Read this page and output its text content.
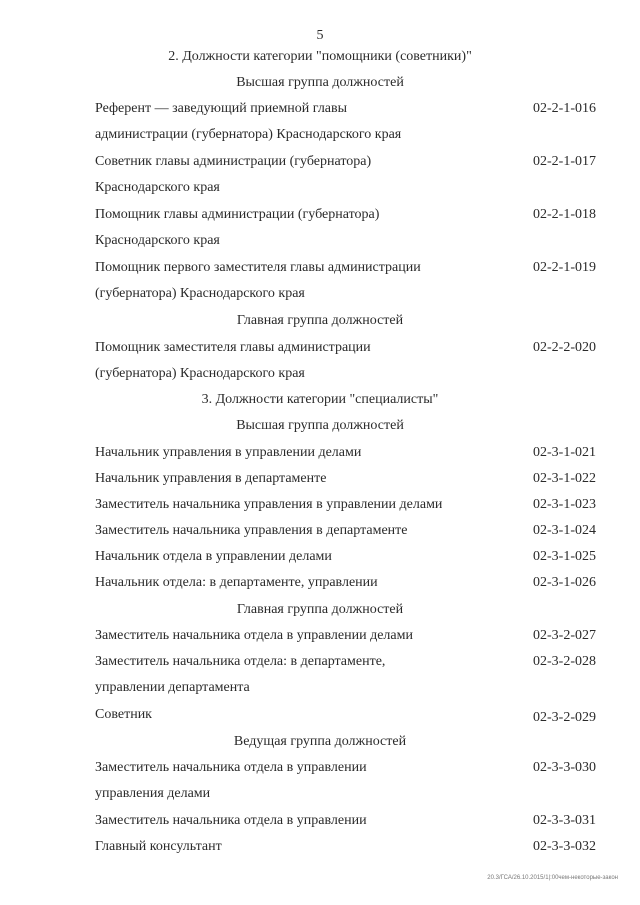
5
2. Должности категории "помощники (советники)"
Высшая группа должностей
Референт — заведующий приемной главы	02-2-1-016
администрации (губернатора) Краснодарского края
Советник главы администрации (губернатора)	02-2-1-017
Краснодарского края
Помощник главы администрации (губернатора)	02-2-1-018
Краснодарского края
Помощник первого заместителя главы администрации	02-2-1-019
(губернатора) Краснодарского края
Главная группа должностей
Помощник заместителя главы администрации	02-2-2-020
(губернатора) Краснодарского края
3. Должности категории "специалисты"
Высшая группа должностей
Начальник управления в управлении делами	02-3-1-021
Начальник управления в департаменте	02-3-1-022
Заместитель начальника управления в управлении делами	02-3-1-023
Заместитель начальника управления в департаменте	02-3-1-024
Начальник отдела в управлении делами	02-3-1-025
Начальник отдела: в департаменте, управлении	02-3-1-026
Главная группа должностей
Заместитель начальника отдела в управлении делами	02-3-2-027
Заместитель начальника отдела: в департаменте,	02-3-2-028
управлении департамента
Советник	02-3-2-029
Ведущая группа должностей
Заместитель начальника отдела в управлении	02-3-3-030
управления делами
Заместитель начальника отдела в управлении	02-3-3-031
Главный консультант	02-3-3-032
20.3/ГСА/26.10.2015/1|:00чем-некоторые-закон
